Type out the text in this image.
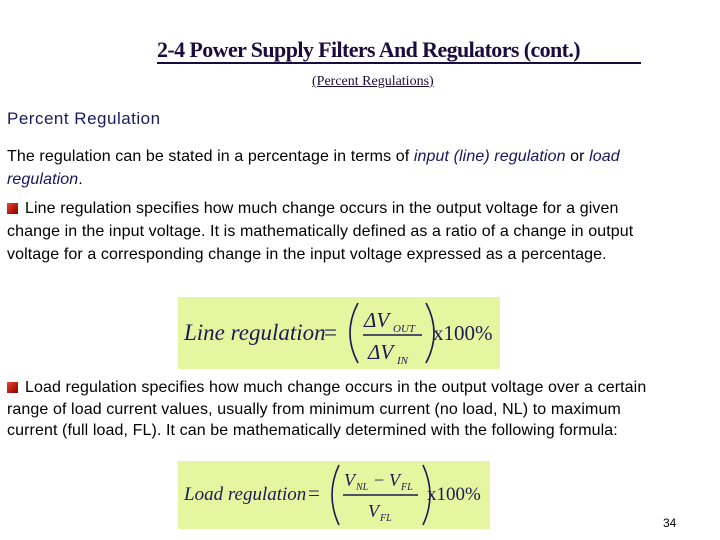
2-4 Power Supply Filters And Regulators (cont.)
(Percent Regulations)
Percent Regulation
The regulation can be stated in a percentage in terms of input (line) regulation or load regulation.
Line regulation specifies how much change occurs in the output voltage for a given change in the input voltage. It is mathematically defined as a ratio of a change in output voltage for a corresponding change in the input voltage expressed as a percentage.
Line regulation
= ΔV OUT
ΔV IN
x100%
Load regulation specifies how much change occurs in the output voltage over a certain range of load current values, usually from minimum current (no load, NL) to maximum current (full load, FL). It can be mathematically determined with the following formula:
Load regulation =
V NL − V FL
V FL
x100%
34
